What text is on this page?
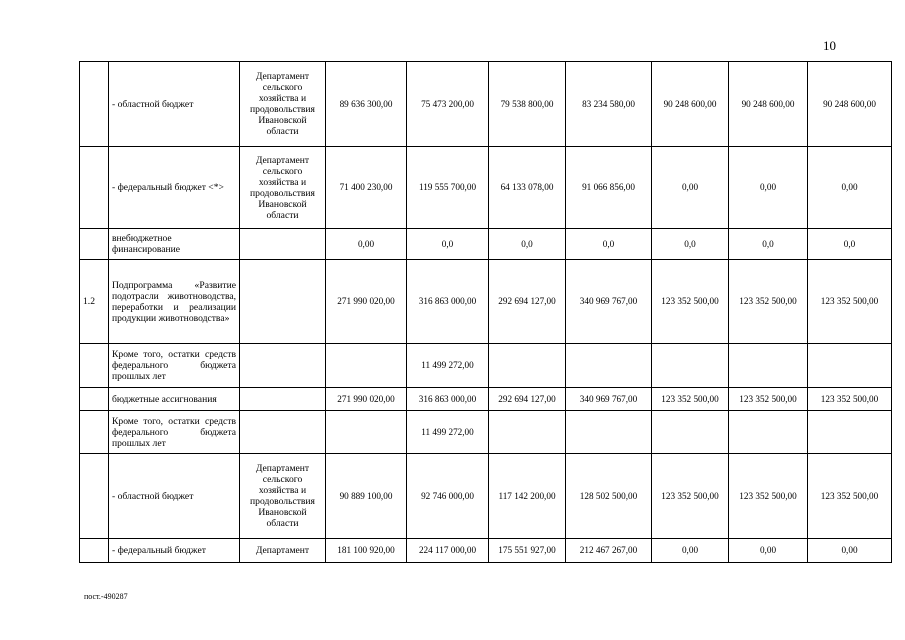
10
	- областной бюджет	Департамент сельского хозяйства и продовольствия Ивановской области	89 636 300,00	75 473 200,00	79 538 800,00	83 234 580,00	90 248 600,00	90 248 600,00	90 248 600,00
	- федеральный бюджет <*>	Департамент сельского хозяйства и продовольствия Ивановской области	71 400 230,00	119 555 700,00	64 133 078,00	91 066 856,00	0,00	0,00	0,00
	внебюджетное финансирование		0,00	0,0	0,0	0,0	0,0	0,0	0,0
1.2	Подпрограмма «Развитие подотрасли животноводства, переработки и реализации продукции животноводства»		271 990 020,00	316 863 000,00	292 694 127,00	340 969 767,00	123 352 500,00	123 352 500,00	123 352 500,00
	Кроме того, остатки средств федерального бюджета прошлых лет			11 499 272,00					
	бюджетные ассигнования		271 990 020,00	316 863 000,00	292 694 127,00	340 969 767,00	123 352 500,00	123 352 500,00	123 352 500,00
	Кроме того, остатки средств федерального бюджета прошлых лет			11 499 272,00					
	- областной бюджет	Департамент сельского хозяйства и продовольствия Ивановской области	90 889 100,00	92 746 000,00	117 142 200,00	128 502 500,00	123 352 500,00	123 352 500,00	123 352 500,00
	- федеральный бюджет	Департамент	181 100 920,00	224 117 000,00	175 551 927,00	212 467 267,00	0,00	0,00	0,00
пост.-490287
